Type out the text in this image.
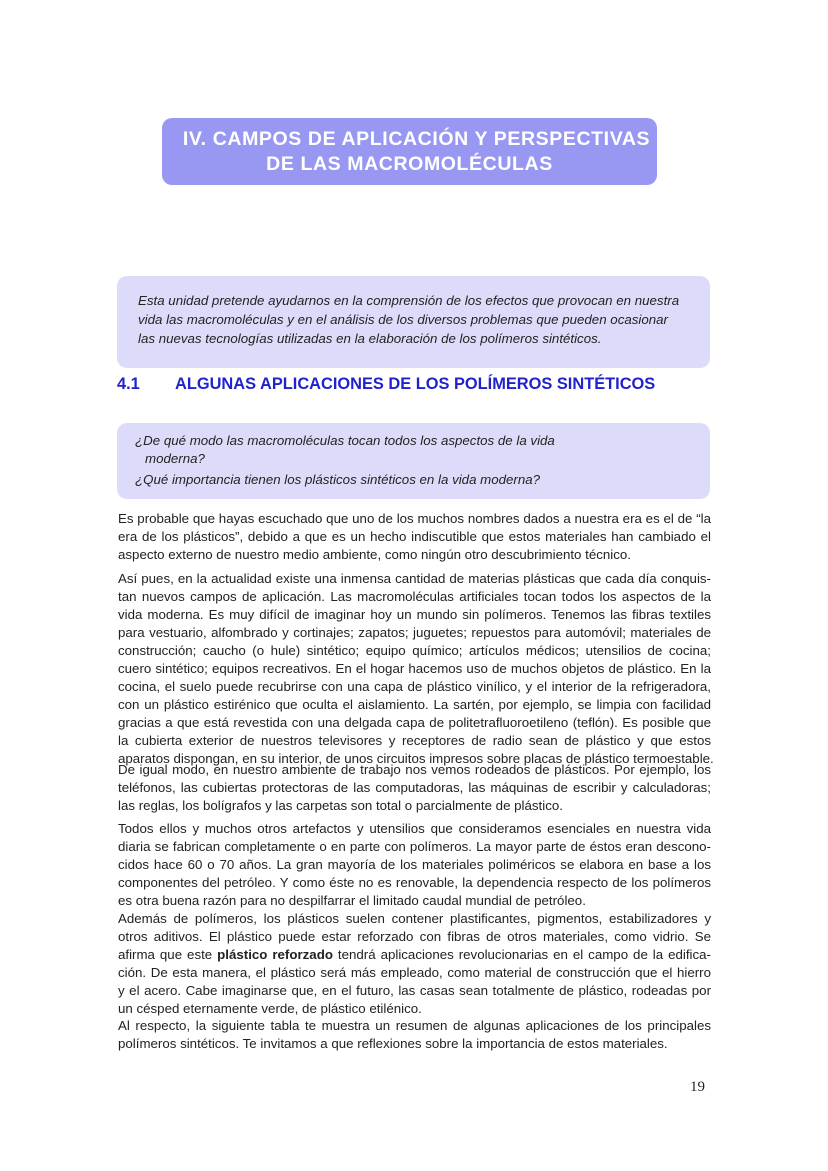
IV. CAMPOS DE APLICACIÓN Y PERSPECTIVAS
DE LAS MACROMOLÉCULAS
Esta unidad pretende ayudarnos en la comprensión de los efectos que provocan en nuestra
vida las macromoléculas y en el análisis de los diversos problemas que pueden ocasionar
las nuevas tecnologías utilizadas en la elaboración de los polímeros sintéticos.
4.1	ALGUNAS APLICACIONES DE LOS POLÍMEROS SINTÉTICOS
¿De qué modo las macromoléculas tocan todos los aspectos de la vida
moderna?
¿Qué importancia tienen los plásticos sintéticos en la vida moderna?
Es probable que hayas escuchado que uno de los muchos nombres dados a nuestra era es el de “la
era de los plásticos”, debido a que es un hecho indiscutible que estos materiales han cambiado el
aspecto externo de nuestro medio ambiente, como ningún otro descubrimiento técnico.
Así pues, en la actualidad existe una inmensa cantidad de materias plásticas que cada día conquis-
tan nuevos campos de aplicación. Las macromoléculas artificiales tocan todos los aspectos de la
vida moderna. Es muy difícil de imaginar hoy un mundo sin polímeros. Tenemos las fibras textiles
para vestuario, alfombrado y cortinajes; zapatos; juguetes; repuestos para automóvil; materiales de
construcción; caucho (o hule) sintético; equipo químico; artículos médicos; utensilios de cocina;
cuero sintético; equipos recreativos. En el hogar hacemos uso de muchos objetos de plástico. En la
cocina, el suelo puede recubrirse con una capa de plástico vinílico, y el interior de la refrigeradora,
con un plástico estirénico que oculta el aislamiento. La sartén, por ejemplo, se limpia con facilidad
gracias a que está revestida con una delgada capa de politetrafluoroetileno (teflón). Es posible que
la cubierta exterior de nuestros televisores y receptores de radio sean de plástico y que estos
aparatos dispongan, en su interior, de unos circuitos impresos sobre placas de plástico termoestable.
De igual modo, en nuestro ambiente de trabajo nos vemos rodeados de plásticos. Por ejemplo, los
teléfonos, las cubiertas protectoras de las computadoras, las máquinas de escribir y calculadoras;
las reglas, los bolígrafos y las carpetas son total o parcialmente de plástico.
Todos ellos y muchos otros artefactos y utensilios que consideramos esenciales en nuestra vida
diaria se fabrican completamente o en parte con polímeros. La mayor parte de éstos eran descono-
cidos hace 60 o 70 años. La gran mayoría de los materiales poliméricos se elabora en base a los
componentes del petróleo. Y como éste no es renovable, la dependencia respecto de los polímeros
es otra buena razón para no despilfarrar el limitado caudal mundial de petróleo.
Además de polímeros, los plásticos suelen contener plastificantes, pigmentos, estabilizadores y
otros aditivos. El plástico puede estar reforzado con fibras de otros materiales, como vidrio. Se
afirma que este plástico reforzado tendrá aplicaciones revolucionarias en el campo de la edifica-
ción. De esta manera, el plástico será más empleado, como material de construcción que el hierro
y el acero. Cabe imaginarse que, en el futuro, las casas sean totalmente de plástico, rodeadas por
un césped eternamente verde, de plástico etilénico.
Al respecto, la siguiente tabla te muestra un resumen de algunas aplicaciones de los principales
polímeros sintéticos. Te invitamos a que reflexiones sobre la importancia de estos materiales.
19
